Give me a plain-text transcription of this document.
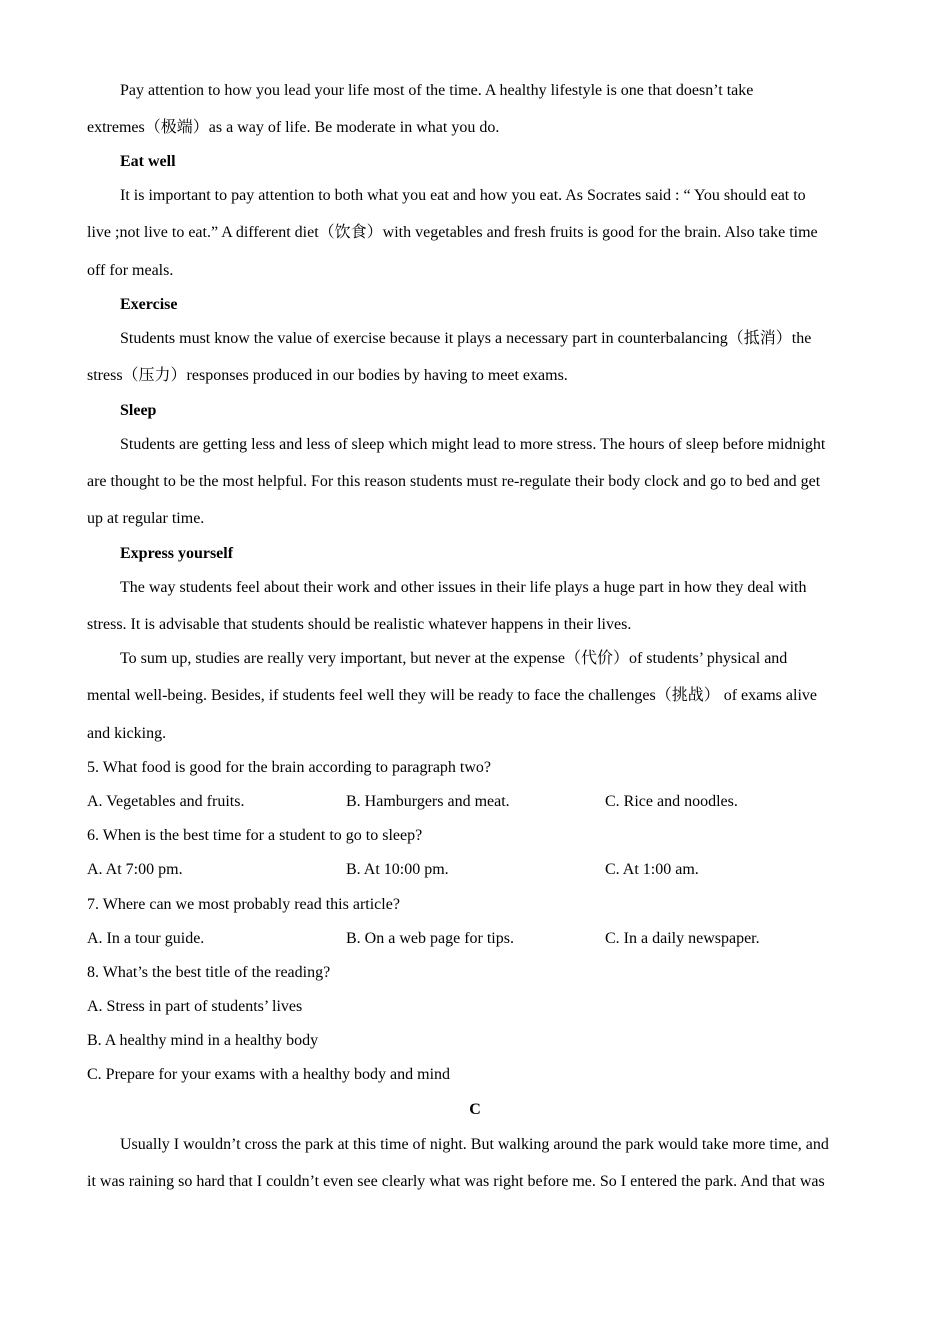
Pay attention to how you lead your life most of the time. A healthy lifestyle is one that doesn’t take
extremes（极端）as a way of life. Be moderate in what you do.
Eat well
It is important to pay attention to both what you eat and how you eat. As Socrates said : “ You should eat to
live ;not live to eat.” A different diet（饮食）with vegetables and fresh fruits is good for the brain. Also take time
off for meals.
Exercise
Students must know the value of exercise because it plays a necessary part in counterbalancing（抵消）the
stress（压力）responses produced in our bodies by having to meet exams.
Sleep
Students are getting less and less of sleep which might lead to more stress. The hours of sleep before midnight
are thought to be the most helpful. For this reason students must re-regulate their body clock and go to bed and get
up at regular time.
Express yourself
The way students feel about their work and other issues in their life plays a huge part in how they deal with
stress. It is advisable that students should be realistic whatever happens in their lives.
To sum up, studies are really very important, but never at the expense（代价）of students’ physical and
mental well-being. Besides, if students feel well they will be ready to face the challenges（挑战） of exams alive
and kicking.
5. What food is good for the brain according to paragraph two?
A. Vegetables and fruits.	B. Hamburgers and meat.	C. Rice and noodles.
6. When is the best time for a student to go to sleep?
A. At 7:00 pm.	B. At 10:00 pm.	C. At 1:00 am.
7. Where can we most probably read this article?
A. In a tour guide.	B. On a web page for tips.	C. In a daily newspaper.
8. What’s the best title of the reading?
A. Stress in part of students’ lives
B. A healthy mind in a healthy body
C. Prepare for your exams with a healthy body and mind
C
Usually I wouldn’t cross the park at this time of night. But walking around the park would take more time, and
it was raining so hard that I couldn’t even see clearly what was right before me. So I entered the park. And that was
